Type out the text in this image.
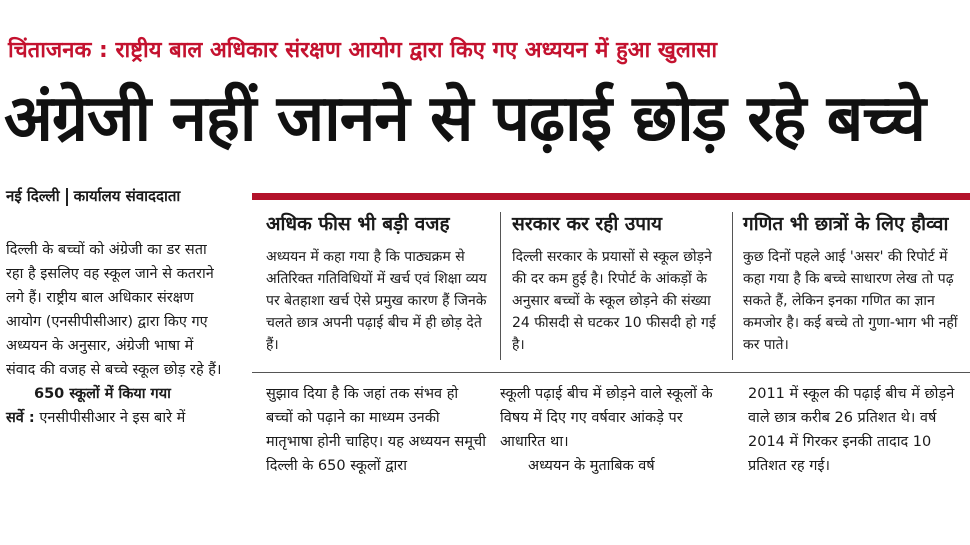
चिंताजनक : राष्ट्रीय बाल अधिकार संरक्षण आयोग द्वारा किए गए अध्ययन में हुआ खुलासा
अंग्रेजी नहीं जानने से पढ़ाई छोड़ रहे बच्चे
नई दिल्ली कार्यालय संवाददाता

दिल्ली के बच्चों को अंग्रेजी का डर सता रहा है इसलिए वह स्कूल जाने से कतराने लगे हैं। राष्ट्रीय बाल अधिकार संरक्षण आयोग (एनसीपीसीआर) द्वारा किए गए अध्ययन के अनुसार, अंग्रेजी भाषा में संवाद की वजह से बच्चे स्कूल छोड़ रहे हैं।

650 स्कूलों में किया गया

सर्वे : एनसीपीसीआर ने इस बारे में

अधिक फीस भी बड़ी वजह
अध्ययन में कहा गया है कि पाठ्यक्रम से अतिरिक्त गतिविधियों में खर्च एवं शिक्षा व्यय पर बेतहाशा खर्च ऐसे प्रमुख कारण हैं जिनके चलते छात्र अपनी पढ़ाई बीच में ही छोड़ देते हैं।
सरकार कर रही उपाय
दिल्ली सरकार के प्रयासों से स्कूल छोड़ने की दर कम हुई है। रिपोर्ट के आंकड़ों के अनुसार बच्चों के स्कूल छोड़ने की संख्या 24 फीसदी से घटकर 10 फीसदी हो गई है।
गणित भी छात्रों के लिए हौव्वा
कुछ दिनों पहले आई 'असर' की रिपोर्ट में कहा गया है कि बच्चे साधारण लेख तो पढ़ सकते हैं, लेकिन इनका गणित का ज्ञान कमजोर है। कई बच्चे तो गुणा-भाग भी नहीं कर पाते।

सुझाव दिया है कि जहां तक संभव हो बच्चों को पढ़ाने का माध्यम उनकी मातृभाषा होनी चाहिए। यह अध्ययन समूची दिल्ली के 650 स्कूलों द्वारा

स्कूली पढ़ाई बीच में छोड़ने वाले स्कूलों के विषय में दिए गए वर्षवार आंकड़े पर आधारित था।

अध्ययन के मुताबिक वर्ष

2011 में स्कूल की पढ़ाई बीच में छोड़ने वाले छात्र करीब 26 प्रतिशत थे। वर्ष 2014 में गिरकर इनकी तादाद 10 प्रतिशत रह गई।
